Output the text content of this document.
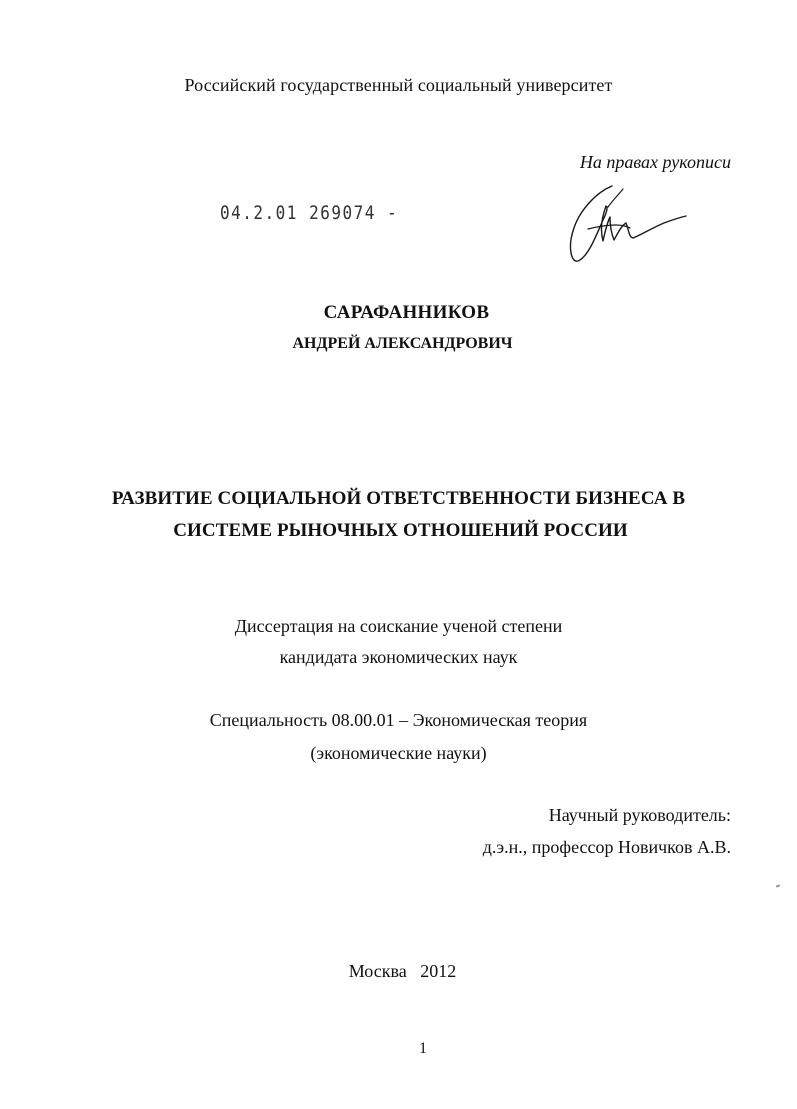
Российский государственный социальный университет
На правах рукописи
04.2.01 269074 -
САРАФАННИКОВ
АНДРЕЙ АЛЕКСАНДРОВИЧ
РАЗВИТИЕ СОЦИАЛЬНОЙ ОТВЕТСТВЕННОСТИ БИЗНЕСА В
СИСТЕМЕ РЫНОЧНЫХ ОТНОШЕНИЙ РОССИИ
Диссертация на соискание ученой степени
кандидата экономических наук
Специальность 08.00.01 – Экономическая теория
(экономические науки)
Научный руководитель:
д.э.н., профессор Новичков А.В.
Москва   2012
1
